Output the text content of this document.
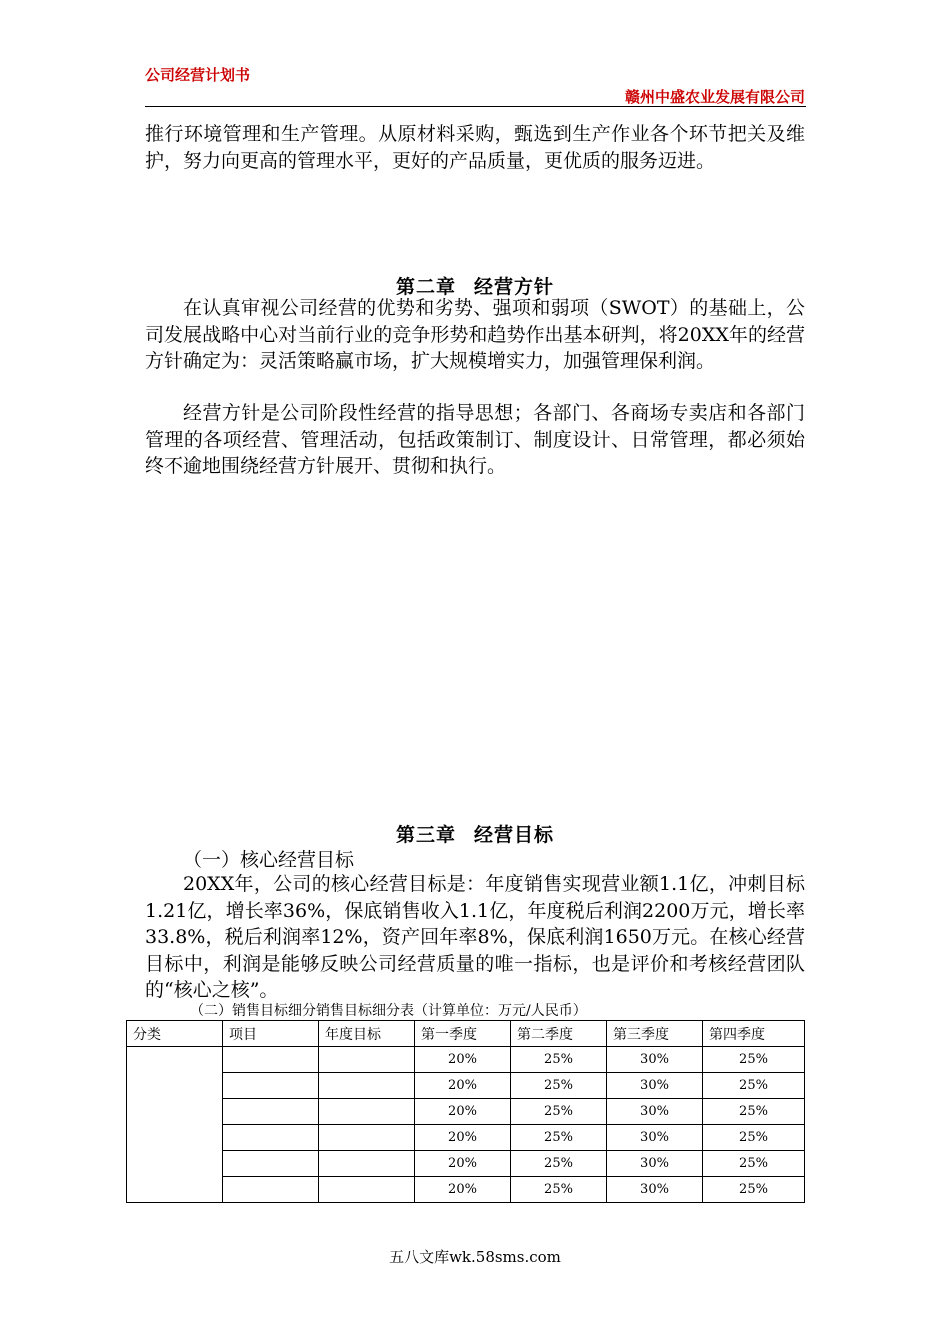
公司经营计划书
赣州中盛农业发展有限公司
推行环境管理和生产管理。从原材料采购，甄选到生产作业各个环节把关及维护，努力向更高的管理水平，更好的产品质量，更优质的服务迈进。
第二章 经营方针
在认真审视公司经营的优势和劣势、强项和弱项（SWOT）的基础上，公司发展战略中心对当前行业的竞争形势和趋势作出基本研判，将20XX年的经营方针确定为：灵活策略赢市场，扩大规模增实力，加强管理保利润。
经营方针是公司阶段性经营的指导思想；各部门、各商场专卖店和各部门管理的各项经营、管理活动，包括政策制订、制度设计、日常管理，都必须始终不逾地围绕经营方针展开、贯彻和执行。
第三章 经营目标
（一）核心经营目标
20XX年，公司的核心经营目标是：年度销售实现营业额1.1亿，冲刺目标1.21亿，增长率36%，保底销售收入1.1亿，年度税后利润2200万元，增长率33.8%，税后利润率12%，资产回年率8%，保底利润1650万元。在核心经营目标中，利润是能够反映公司经营质量的唯一指标，也是评价和考核经营团队的“核心之核”。
（二）销售目标细分销售目标细分表（计算单位：万元/人民币）
分类	项目	年度目标	第一季度	第二季度	第三季度	第四季度
			20%	25%	30%	25%
			20%	25%	30%	25%
			20%	25%	30%	25%
			20%	25%	30%	25%
			20%	25%	30%	25%
			20%	25%	30%	25%
五八文库wk.58sms.com
